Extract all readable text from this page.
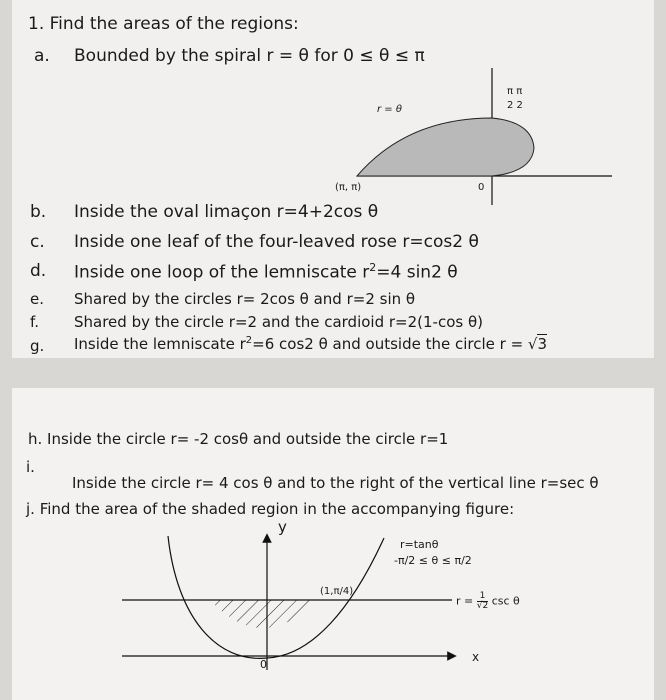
1. Find the areas of the regions:
a. Bounded by the spiral r = θ for 0 ≤ θ ≤ π
r = θ
(π, π)	0
π π
2 2
b. Inside the oval limaçon r=4+2cos θ
c. Inside one leaf of the four-leaved rose r=cos2 θ
d. Inside one loop of the lemniscate $r^2=4$ sin2 θ
e. Shared by the circles r= 2cos θ and r=2 sin θ
f. Shared by the circle r=2 and the cardioid r=2(1-cos θ)
g. Inside the lemniscate $r^2=6$ cos2 θ and outside the circle r = √3
h. Inside the circle r= -2 cosθ and outside the circle r=1
i.
Inside the circle r= 4 cos θ and to the right of the vertical line r=sec θ
j. Find the area of the shaded region in the accompanying figure:
y
x
0
(1,π/4)
r=tanθ
-π/2 ≤ θ ≤ π/2
$r = \frac{1}{√2}$ csc θ
